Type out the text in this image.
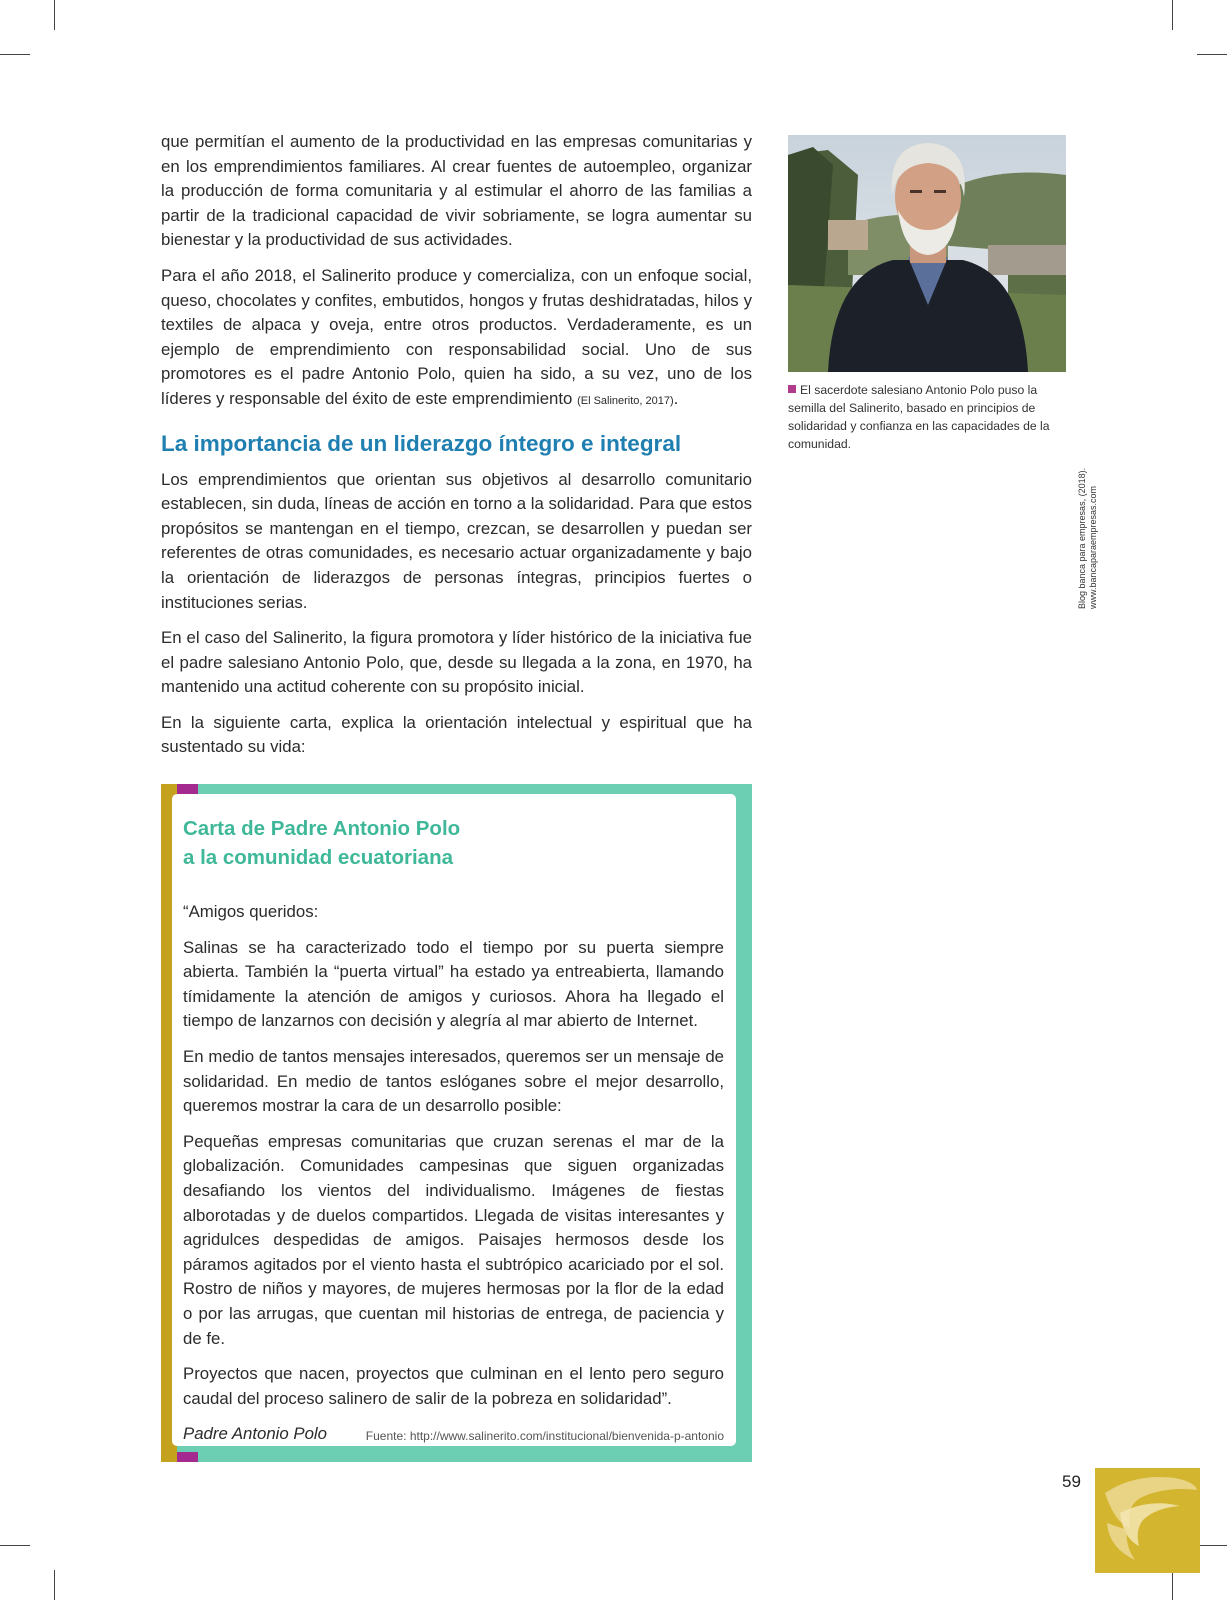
que permitían el aumento de la productividad en las empresas comunitarias y en los emprendimientos familiares. Al crear fuentes de autoempleo, organizar la producción de forma comunitaria y al estimular el ahorro de las familias a partir de la tradicional capacidad de vivir sobriamente, se logra aumentar su bienestar y la productividad de sus actividades.

Para el año 2018, el Salinerito produce y comercializa, con un enfoque social, queso, chocolates y confites, embutidos, hongos y frutas deshidratadas, hilos y textiles de alpaca y oveja, entre otros productos. Verdaderamente, es un ejemplo de emprendimiento con responsabilidad social. Uno de sus promotores es el padre Antonio Polo, quien ha sido, a su vez, uno de los líderes y responsable del éxito de este emprendimiento (El Salinerito, 2017).

La importancia de un liderazgo íntegro e integral

Los emprendimientos que orientan sus objetivos al desarrollo comunitario establecen, sin duda, líneas de acción en torno a la solidaridad. Para que estos propósitos se mantengan en el tiempo, crezcan, se desarrollen y puedan ser referentes de otras comunidades, es necesario actuar organizadamente y bajo la orientación de liderazgos de personas íntegras, principios fuertes o instituciones serias.

En el caso del Salinerito, la figura promotora y líder histórico de la iniciativa fue el padre salesiano Antonio Polo, que, desde su llegada a la zona, en 1970, ha mantenido una actitud coherente con su propósito inicial.

En la siguiente carta, explica la orientación intelectual y espiritual que ha sustentado su vida:

Blog banca para empresas, (2018).
www.bancaparaempresas.com
El sacerdote salesiano Antonio Polo puso la semilla del Salinerito, basado en principios de solidaridad y confianza en las capacidades de la comunidad.
Carta de Padre Antonio Polo
a la comunidad ecuatoriana

“Amigos queridos:

Salinas se ha caracterizado todo el tiempo por su puerta siempre abierta. También la “puerta virtual” ha estado ya entreabierta, llamando tímidamente la atención de amigos y curiosos. Ahora ha llegado el tiempo de lanzarnos con decisión y alegría al mar abierto de Internet.

En medio de tantos mensajes interesados, queremos ser un mensaje de solidaridad. En medio de tantos eslóganes sobre el mejor desarrollo, queremos mostrar la cara de un desarrollo posible:

Pequeñas empresas comunitarias que cruzan serenas el mar de la globalización. Comunidades campesinas que siguen organizadas desafiando los vientos del individualismo. Imágenes de fiestas alborotadas y de duelos compartidos. Llegada de visitas interesantes y agridulces despedidas de amigos. Paisajes hermosos desde los páramos agitados por el viento hasta el subtrópico acariciado por el sol. Rostro de niños y mayores, de mujeres hermosas por la flor de la edad o por las arrugas, que cuentan mil historias de entrega, de paciencia y de fe.

Proyectos que nacen, proyectos que culminan en el lento pero seguro caudal del proceso salinero de salir de la pobreza en solidaridad”.

Padre Antonio Polo	Fuente: http://www.salinerito.com/institucional/bienvenida-p-antonio
59
